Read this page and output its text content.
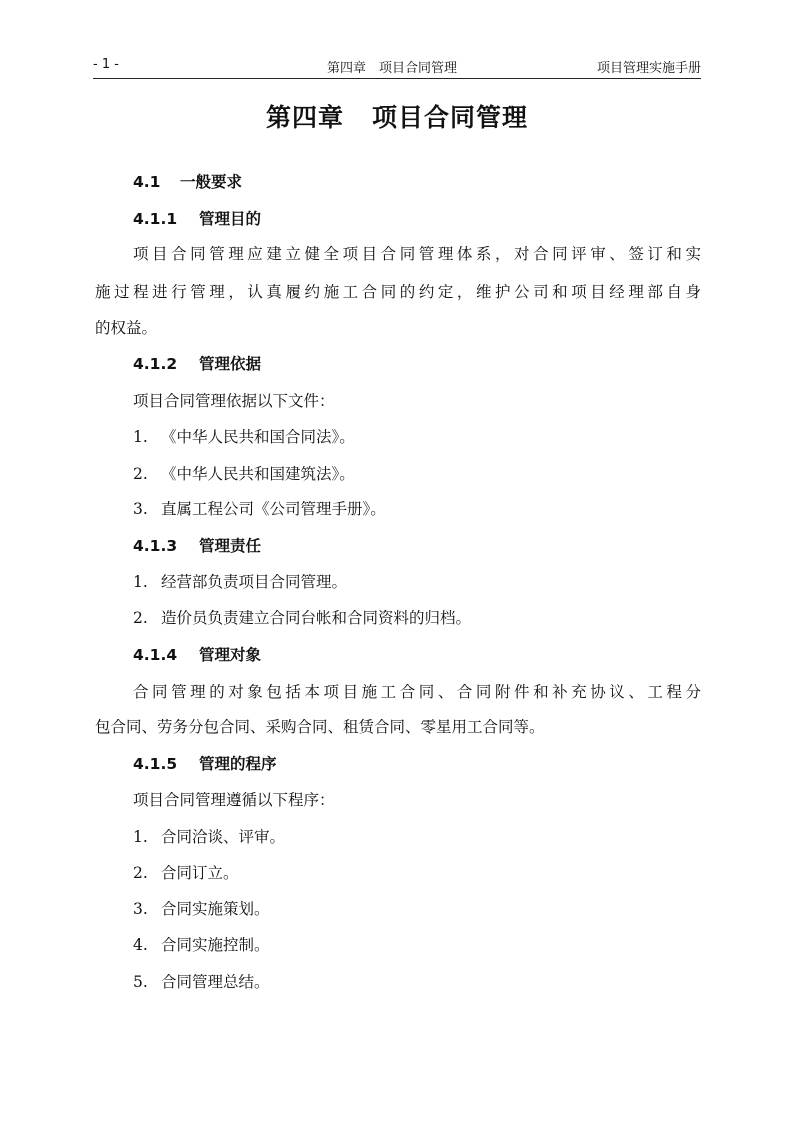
- 1 -	第四章　项目合同管理	项目管理实施手册
第四章 项目合同管理
4.1 一般要求
4.1.1 管理目的
项目合同管理应建立健全项目合同管理体系，对合同评审、签订和实
施过程进行管理，认真履约施工合同的约定，维护公司和项目经理部自身
的权益。
4.1.2 管理依据
项目合同管理依据以下文件：
1. 《中华人民共和国合同法》。
2. 《中华人民共和国建筑法》。
3. 直属工程公司《公司管理手册》。
4.1.3 管理责任
1. 经营部负责项目合同管理。
2. 造价员负责建立合同台帐和合同资料的归档。
4.1.4 管理对象
合同管理的对象包括本项目施工合同、合同附件和补充协议、工程分
包合同、劳务分包合同、采购合同、租赁合同、零星用工合同等。
4.1.5 管理的程序
项目合同管理遵循以下程序：
1. 合同洽谈、评审。
2. 合同订立。
3. 合同实施策划。
4. 合同实施控制。
5. 合同管理总结。
